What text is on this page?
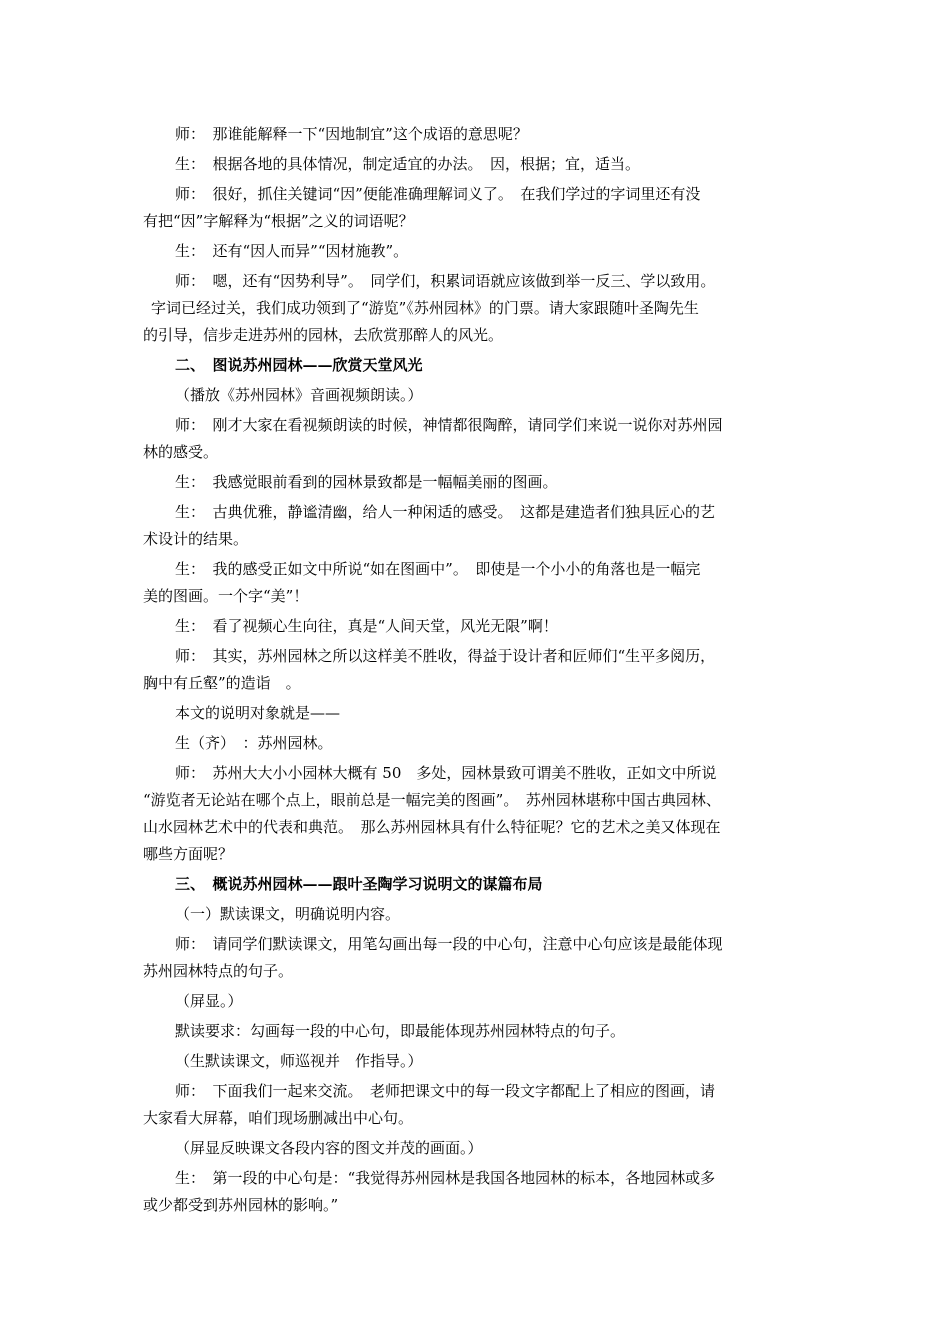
师：　那谁能解释一下“因地制宜”这个成语的意思呢？

生：　根据各地的具体情况，制定适宜的办法。　因，根据；宜，适当。

师：　很好，抓住关键词“因”便能准确理解词义了。　在我们学过的字词里还有没

有把“因”字解释为“根据”之义的词语呢？

生：　还有“因人而异”“因材施教”。

师：　嗯，还有“因势利导”。　同学们，积累词语就应该做到举一反三、学以致用。

字词已经过关，我们成功领到了“游览”《苏州园林》的门票。请大家跟随叶圣陶先生

的引导，信步走进苏州的园林，去欣赏那醉人的风光。

二、　图说苏州园林——欣赏天堂风光

（播放《苏州园林》音画视频朗读。）

师：　刚才大家在看视频朗读的时候，神情都很陶醉，请同学们来说一说你对苏州园

林的感受。

生：　我感觉眼前看到的园林景致都是一幅幅美丽的图画。

生：　古典优雅，静谧清幽，给人一种闲适的感受。　这都是建造者们独具匠心的艺

术设计的结果。

生：　我的感受正如文中所说“如在图画中”。　即使是一个小小的角落也是一幅完

美的图画。一个字“美”！

生：　看了视频心生向往，真是“人间天堂，风光无限”啊！

师：　其实，苏州园林之所以这样美不胜收，得益于设计者和匠师们“生平多阅历，

胸中有丘壑”的造诣　。

本文的说明对象就是——

生（齐）　：苏州园林。

师：　苏州大大小小园林大概有 50　多处，园林景致可谓美不胜收，正如文中所说

“游览者无论站在哪个点上，眼前总是一幅完美的图画”。　苏州园林堪称中国古典园林、

山水园林艺术中的代表和典范。　那么苏州园林具有什么特征呢？它的艺术之美又体现在

哪些方面呢？

三、　概说苏州园林——跟叶圣陶学习说明文的谋篇布局

（一）默读课文，明确说明内容。

师：　请同学们默读课文，用笔勾画出每一段的中心句，注意中心句应该是最能体现

苏州园林特点的句子。

（屏显。）

默读要求：勾画每一段的中心句，即最能体现苏州园林特点的句子。

（生默读课文，师巡视并　作指导。）

师：　下面我们一起来交流。　老师把课文中的每一段文字都配上了相应的图画，请

大家看大屏幕，咱们现场删减出中心句。

（屏显反映课文各段内容的图文并茂的画面。）

生：　第一段的中心句是：“我觉得苏州园林是我国各地园林的标本，各地园林或多

或少都受到苏州园林的影响。”
